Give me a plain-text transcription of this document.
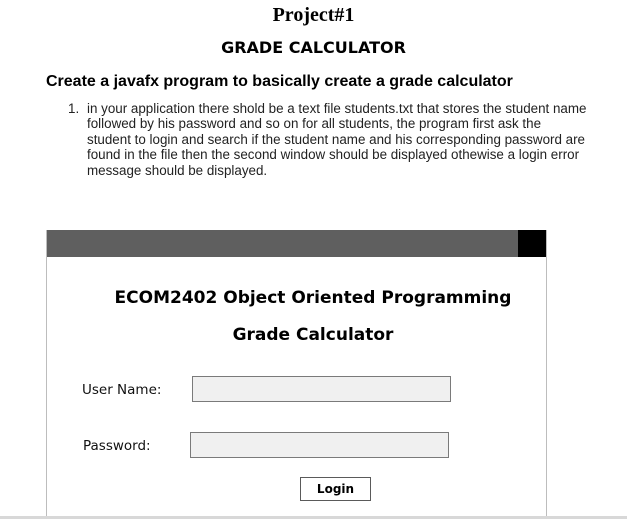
Project#1
GRADE CALCULATOR
Create a javafx program to basically create a grade calculator
1. in your application there shold be a text file students.txt that stores the student name followed by his password and so on for all students, the program first ask the student to login and search if the student name and his corresponding password are found in the file then the second window should be displayed othewise a login error message should be displayed.
ECOM2402 Object Oriented Programming
Grade Calculator
User Name:
Password:
Login
